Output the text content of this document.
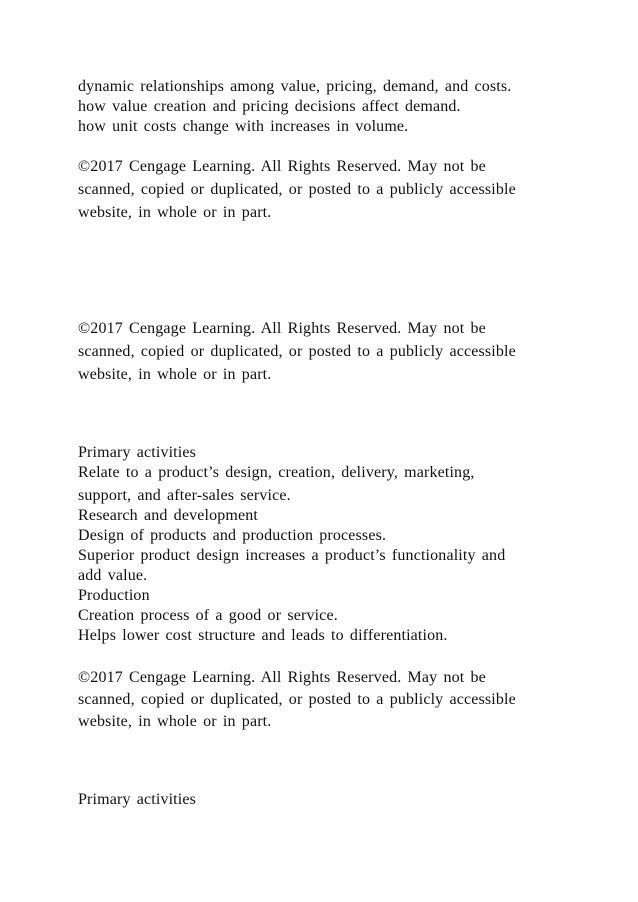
dynamic relationships among value, pricing, demand, and costs.
how value creation and pricing decisions affect demand.
how unit costs change with increases in volume.
©2017 Cengage Learning. All Rights Reserved. May not be
scanned, copied or duplicated, or posted to a publicly accessible
website, in whole or in part.
©2017 Cengage Learning. All Rights Reserved. May not be
scanned, copied or duplicated, or posted to a publicly accessible
website, in whole or in part.
Primary activities
Relate to a product’s design, creation, delivery, marketing,
support, and after-sales service.
Research and development
Design of products and production processes.
Superior product design increases a product’s functionality and
add value.
Production
Creation process of a good or service.
Helps lower cost structure and leads to differentiation.
©2017 Cengage Learning. All Rights Reserved. May not be
scanned, copied or duplicated, or posted to a publicly accessible
website, in whole or in part.
Primary activities
